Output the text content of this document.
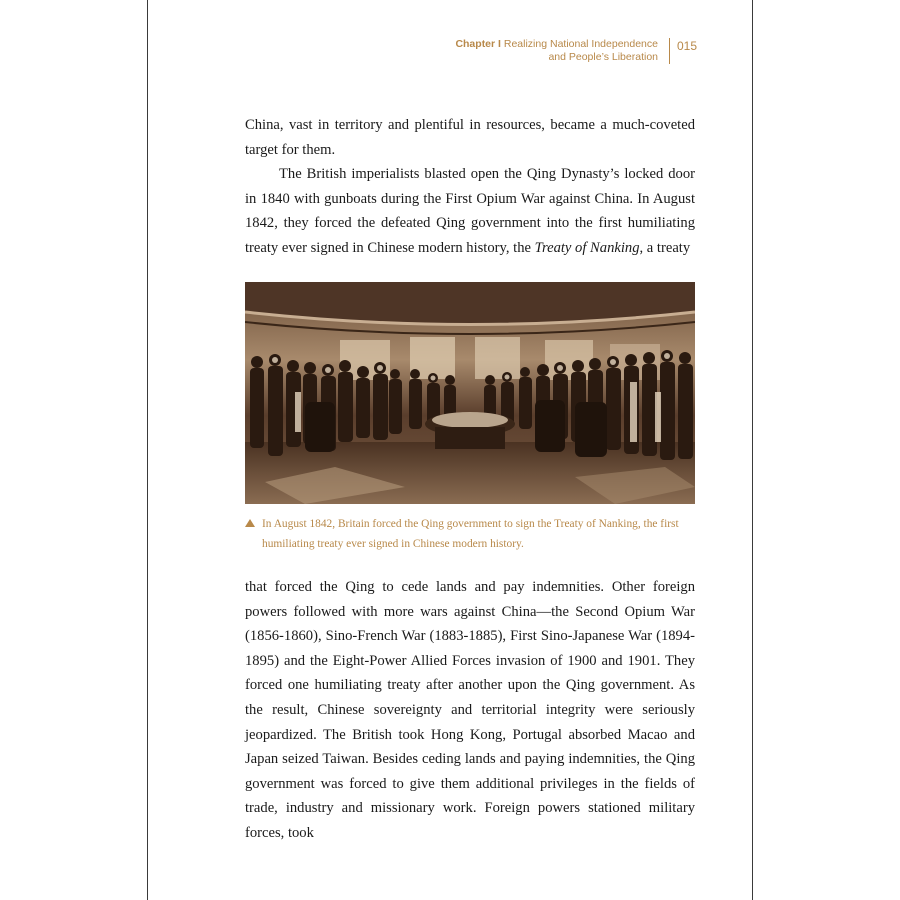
Chapter I Realizing National Independence
and People’s Liberation
015

China, vast in territory and plentiful in resources, became a much-coveted target for them.

The British imperialists blasted open the Qing Dynasty’s locked door in 1840 with gunboats during the First Opium War against China. In August 1842, they forced the defeated Qing government into the first humiliating treaty ever signed in Chinese modern history, the Treaty of Nanking, a treaty

In August 1842, Britain forced the Qing government to sign the Treaty of Nanking, the first humiliating treaty ever signed in Chinese modern history.

that forced the Qing to cede lands and pay indemnities. Other foreign powers followed with more wars against China—the Second Opium War (1856-1860), Sino-French War (1883-1885), First Sino-Japanese War (1894-1895) and the Eight-Power Allied Forces invasion of 1900 and 1901. They forced one humiliating treaty after another upon the Qing government. As the result, Chinese sovereignty and territorial integrity were seriously jeopardized. The British took Hong Kong, Portugal absorbed Macao and Japan seized Taiwan. Besides ceding lands and paying indemnities, the Qing government was forced to give them additional privileges in the fields of trade, industry and missionary work. Foreign powers stationed military forces, took
